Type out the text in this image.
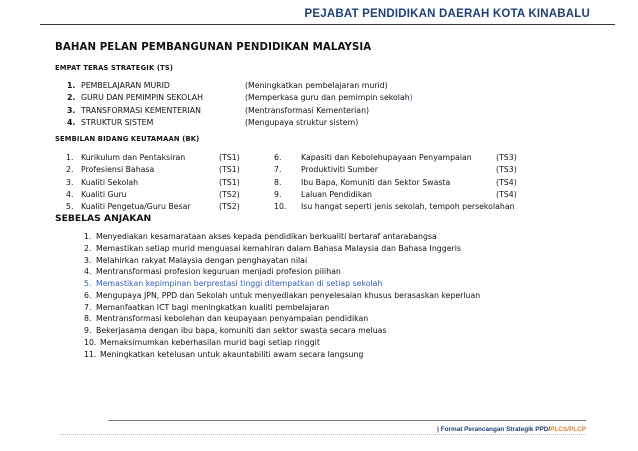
PEJABAT PENDIDIKAN DAERAH KOTA KINABALU
BAHAN PELAN PEMBANGUNAN PENDIDIKAN MALAYSIA
EMPAT TERAS STRATEGIK (TS)
1. PEMBELAJARAN MURID	(Meningkatkan pembelajaran murid)
2. GURU DAN PEMIMPIN SEKOLAH	(Memperkasa guru dan pemimpin sekolah)
3. TRANSFORMASI KEMENTERIAN	(Mentransformasi Kementerian)
4. STRUKTUR SISTEM	(Mengupaya struktur sistem)
SEMBILAN BIDANG KEUTAMAAN (BK)
1. Kurikulum dan Pentaksiran	(TS1)	6.	Kapasiti dan Kebolehupayaan Penyampaian	(TS3)
2. Profesiensi Bahasa	(TS1)	7.	Produktiviti Sumber	(TS3)
3. Kualiti Sekolah	(TS1)	8.	Ibu Bapa, Komuniti dan Sektor Swasta	(TS4)
4. Kualiti Guru	(TS2)	9.	Laluan Pendidikan	(TS4)
5. Kualiti Pengetua/Guru Besar	(TS2)	10.	Isu hangat seperti jenis sekolah, tempoh persekolahan
SEBELAS ANJAKAN
1. Menyediakan kesamarataan akses kepada pendidikan berkualiti bertaraf antarabangsa
2. Memastikan setiap murid menguasai kemahiran dalam Bahasa Malaysia dan Bahasa Inggeris
3. Melahirkan rakyat Malaysia dengan penghayatan nilai
4. Mentransformasi profesion keguruan menjadi profesion pilihan
5. Memastikan kepimpinan berprestasi tinggi ditempatkan di setiap sekolah
6. Mengupaya JPN, PPD dan Sekolah untuk menyediakan penyelesaian khusus berasaskan keperluan
7. Memanfaatkan ICT bagi meningkatkan kualiti pembelajaran
8. Mentransformasi kebolehan dan keupayaan penyampaian pendidikan
9. Bekerjasama dengan ibu bapa, komuniti dan sektor swasta secara meluas
10. Memaksimumkan keberhasilan murid bagi setiap ringgit
11. Meningkatkan ketelusan untuk akauntabiliti awam secara langsung
| Format Perancangan Strategik PPD/PLCS/PLCP
